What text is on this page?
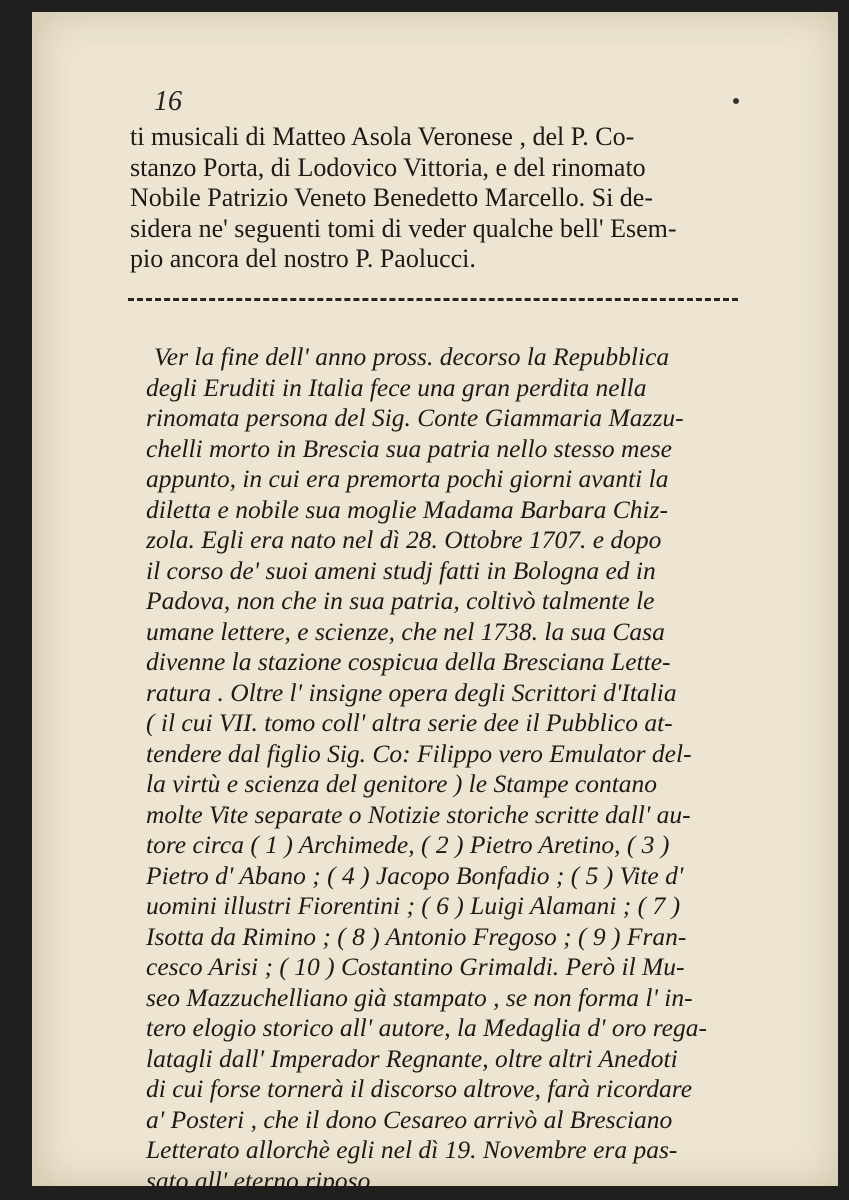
16
ti musicali di Matteo Asola Veronese , del P. Co-
stanzo Porta, di Lodovico Vittoria, e del rinomato
Nobile Patrizio Veneto Benedetto Marcello. Si de-
sidera ne' seguenti tomi di veder qualche bell' Esem-
pio ancora del nostro P. Paolucci.
Ver la fine dell' anno pross. decorso la Repubblica
degli Eruditi in Italia fece una gran perdita nella
rinomata persona del Sig. Conte Giammaria Mazzu-
chelli morto in Brescia sua patria nello stesso mese
appunto, in cui era premorta pochi giorni avanti la
diletta e nobile sua moglie Madama Barbara Chiz-
zola. Egli era nato nel dì 28. Ottobre 1707. e dopo
il corso de' suoi ameni studj fatti in Bologna ed in
Padova, non che in sua patria, coltivò talmente le
umane lettere, e scienze, che nel 1738. la sua Casa
divenne la stazione cospicua della Bresciana Lette-
ratura . Oltre l' insigne opera degli Scrittori d'Italia
( il cui VII. tomo coll' altra serie dee il Pubblico at-
tendere dal figlio Sig. Co: Filippo vero Emulator del-
la virtù e scienza del genitore ) le Stampe contano
molte Vite separate o Notizie storiche scritte dall' au-
tore circa ( 1 ) Archimede, ( 2 ) Pietro Aretino, ( 3 )
Pietro d' Abano ; ( 4 ) Jacopo Bonfadio ; ( 5 ) Vite d'
uomini illustri Fiorentini ; ( 6 ) Luigi Alamani ; ( 7 )
Isotta da Rimino ; ( 8 ) Antonio Fregoso ; ( 9 ) Fran-
cesco Arisi ; ( 10 ) Costantino Grimaldi. Però il Mu-
seo Mazzuchelliano già stampato , se non forma l' in-
tero elogio storico all' autore, la Medaglia d' oro rega-
latagli dall' Imperador Regnante, oltre altri Anedoti
di cui forse tornerà il discorso altrove, farà ricordare
a' Posteri , che il dono Cesareo arrivò al Bresciano
Letterato allorchè egli nel dì 19. Novembre era pas-
sato all' eterno riposo.
